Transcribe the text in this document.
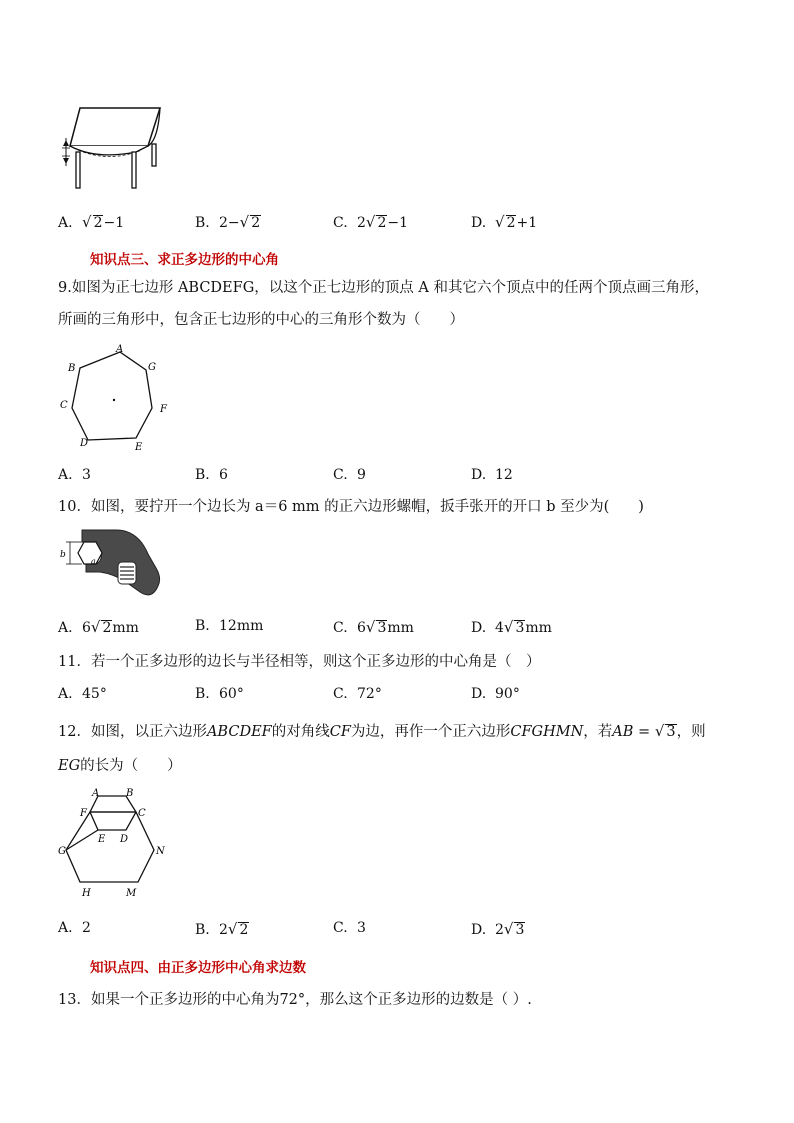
A. √ 2−1	B. 2−√ 2	C. 2√ 2−1	D. √ 2+1
知识点三、求正多边形的中心角
9.如图为正七边形 ABCDEFG，以这个正七边形的顶点 A 和其它六个顶点中的任两个顶点画三角形，
所画的三角形中，包含正七边形的中心的三角形个数为（　　）
A
B	G
C	F
D	E
A. 3	B. 6	C. 9	D. 12
10．如图，要拧开一个边长为 a＝6 mm 的正六边形螺帽，扳手张开的开口 b 至少为(　　)
b
a
A. 6√ 2mm	B. 12mm	C. 6√ 3mm	D. 4√ 3mm
11．若一个正多边形的边长与半径相等，则这个正多边形的中心角是（　）
A. 45°	B. 60°	C. 72°	D. 90°
12．如图，以正六边形ABCDEF的对角线CF为边，再作一个正六边形CFGHMN，若AB = √ 3，则
EG的长为（　　）
A	B
F	C
E D
G	N
H	M
A. 2	B. 2√ 2	C. 3	D. 2√ 3
知识点四、由正多边形中心角求边数
13．如果一个正多边形的中心角为72°，那么这个正多边形的边数是（ ）.
